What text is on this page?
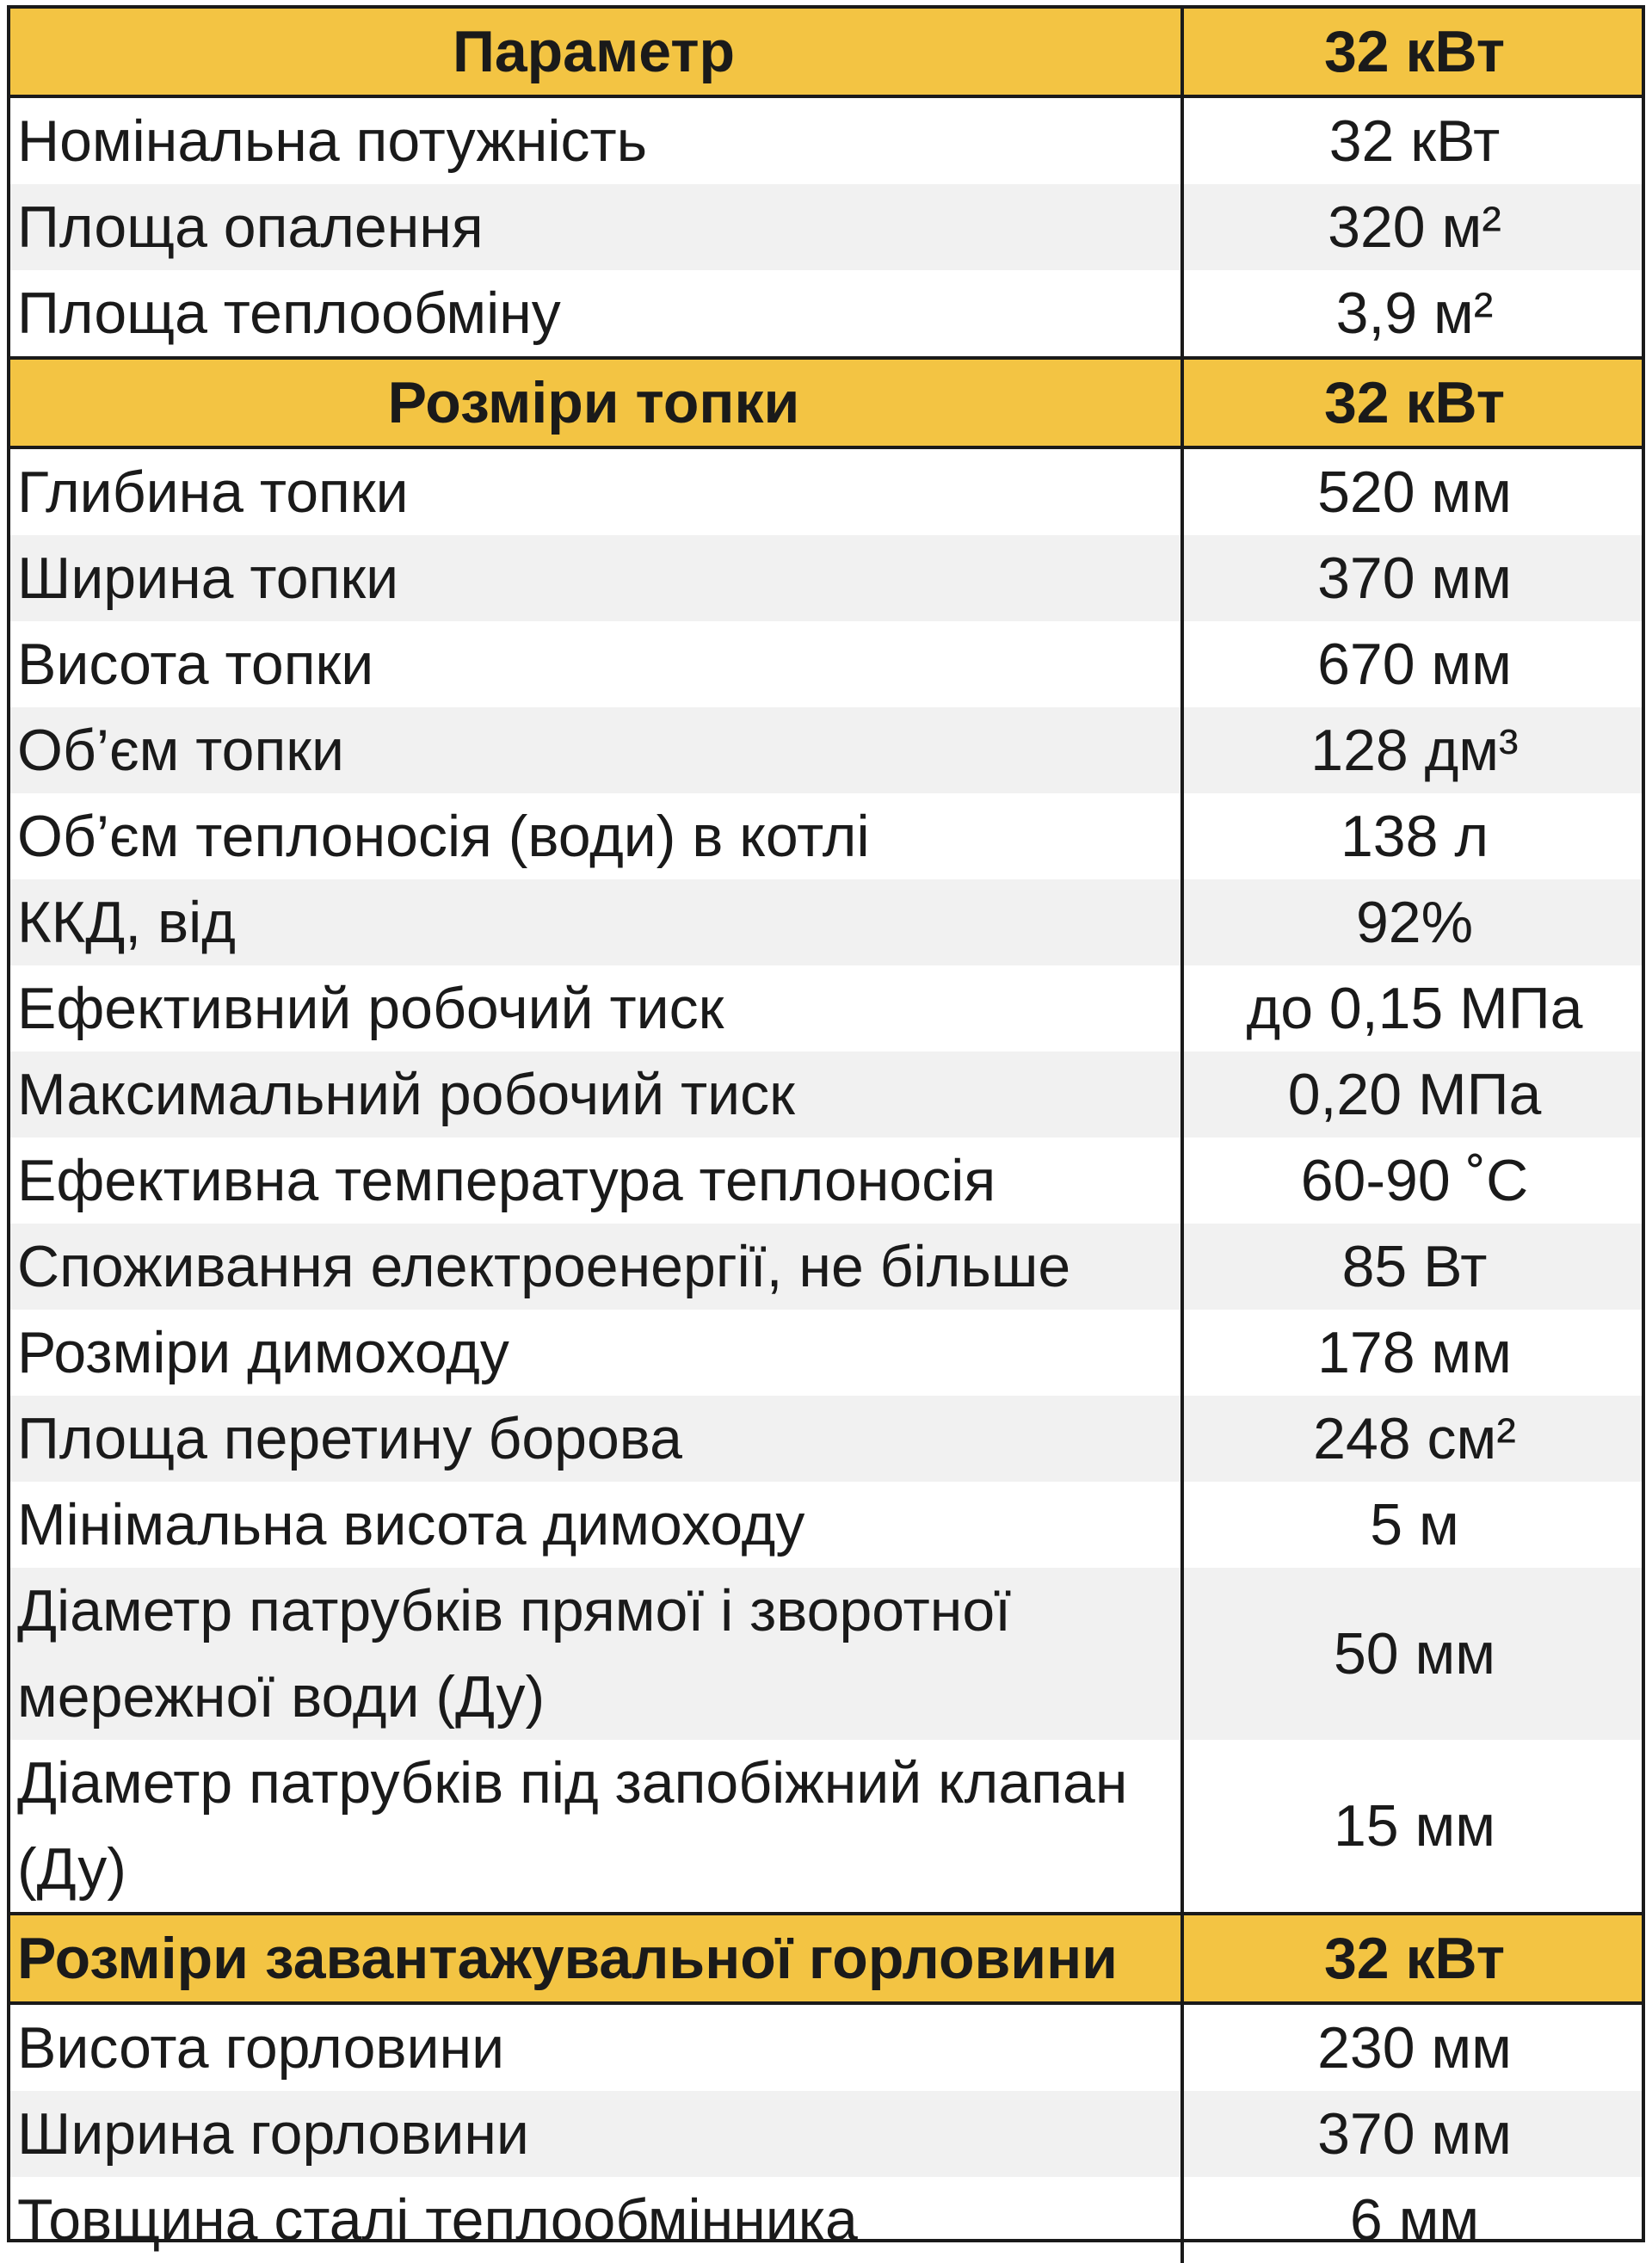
Параметр	32 кВт
Номінальна потужність	32 кВт
Площа опалення	320 м²
Площа теплообміну	3,9 м²
Розміри топки	32 кВт
Глибина топки	520 мм
Ширина топки	370 мм
Висота топки	670 мм
Об’єм топки	128 дм³
Об’єм теплоносія (води) в котлі	138 л
ККД, від	92%
Ефективний робочий тиск	до 0,15 МПа
Максимальний робочий тиск	0,20 МПа
Ефективна температура теплоносія	60-90 ˚С
Споживання електроенергії, не більше	85 Вт
Розміри димоходу	178 мм
Площа перетину борова	248 см²
Мінімальна висота димоходу	5 м
Діаметр патрубків прямої і зворотної мережної води (Ду)	50 мм
Діаметр патрубків під запобіжний клапан (Ду)	15 мм
Розміри завантажувальної горловини	32 кВт
Висота горловини	230 мм
Ширина горловини	370 мм
Товщина сталі теплообмінника	6 мм
